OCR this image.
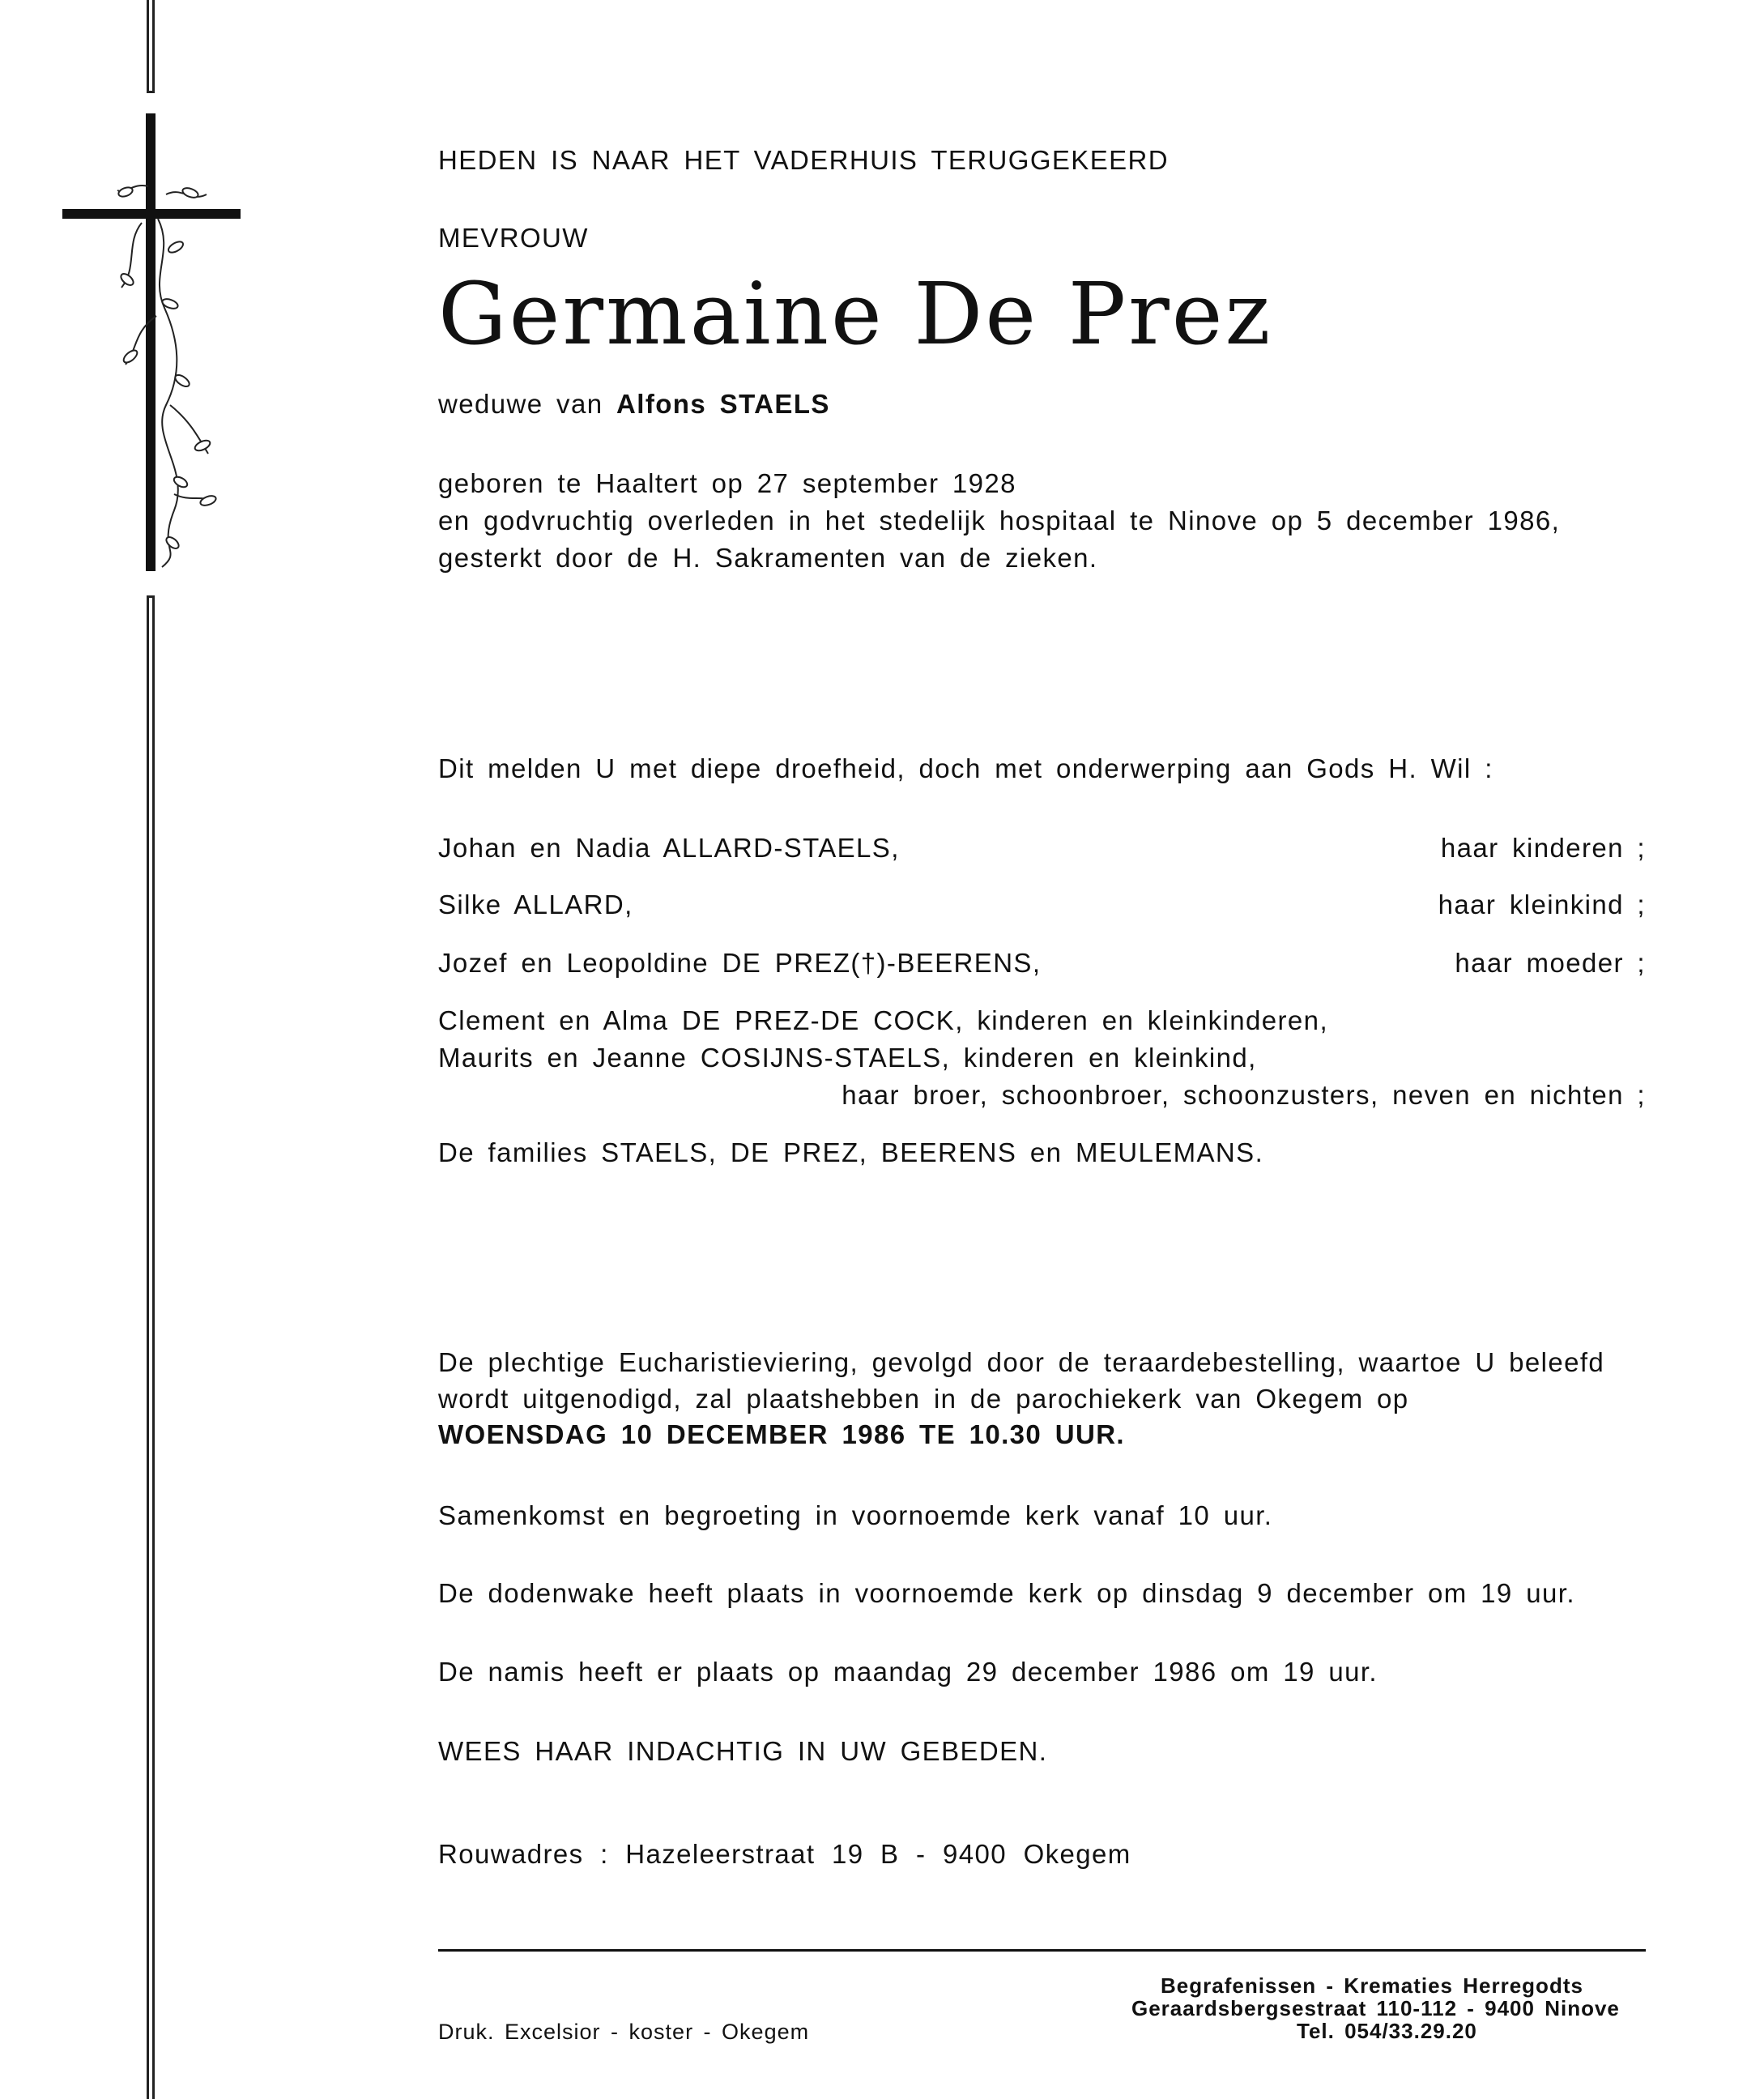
HEDEN IS NAAR HET VADERHUIS TERUGGEKEERD
MEVROUW
Germaine De Prez
weduwe van Alfons STAELS
geboren te Haaltert op 27 september 1928
en godvruchtig overleden in het stedelijk hospitaal te Ninove op 5 december 1986,
gesterkt door de H. Sakramenten van de zieken.
Dit melden U met diepe droefheid, doch met onderwerping aan Gods H. Wil :
Johan en Nadia ALLARD-STAELS,	haar kinderen ;
Silke ALLARD,	haar kleinkind ;
Jozef en Leopoldine DE PREZ(†)-BEERENS,	haar moeder ;
Clement en Alma DE PREZ-DE COCK, kinderen en kleinkinderen,
Maurits en Jeanne COSIJNS-STAELS, kinderen en kleinkind,
haar broer, schoonbroer, schoonzusters, neven en nichten ;
De families STAELS, DE PREZ, BEERENS en MEULEMANS.
De plechtige Eucharistieviering, gevolgd door de teraardebestelling, waartoe U beleefd
wordt uitgenodigd, zal plaatshebben in de parochiekerk van Okegem op
WOENSDAG 10 DECEMBER 1986 TE 10.30 UUR.
Samenkomst en begroeting in voornoemde kerk vanaf 10 uur.
De dodenwake heeft plaats in voornoemde kerk op dinsdag 9 december om 19 uur.
De namis heeft er plaats op maandag 29 december 1986 om 19 uur.
WEES HAAR INDACHTIG IN UW GEBEDEN.
Rouwadres : Hazeleerstraat 19 B - 9400 Okegem
Druk. Excelsior - koster - Okegem
Begrafenissen - Krematies Herregodts
Geraardsbergsestraat 110-112 - 9400 Ninove
Tel. 054/33.29.20
